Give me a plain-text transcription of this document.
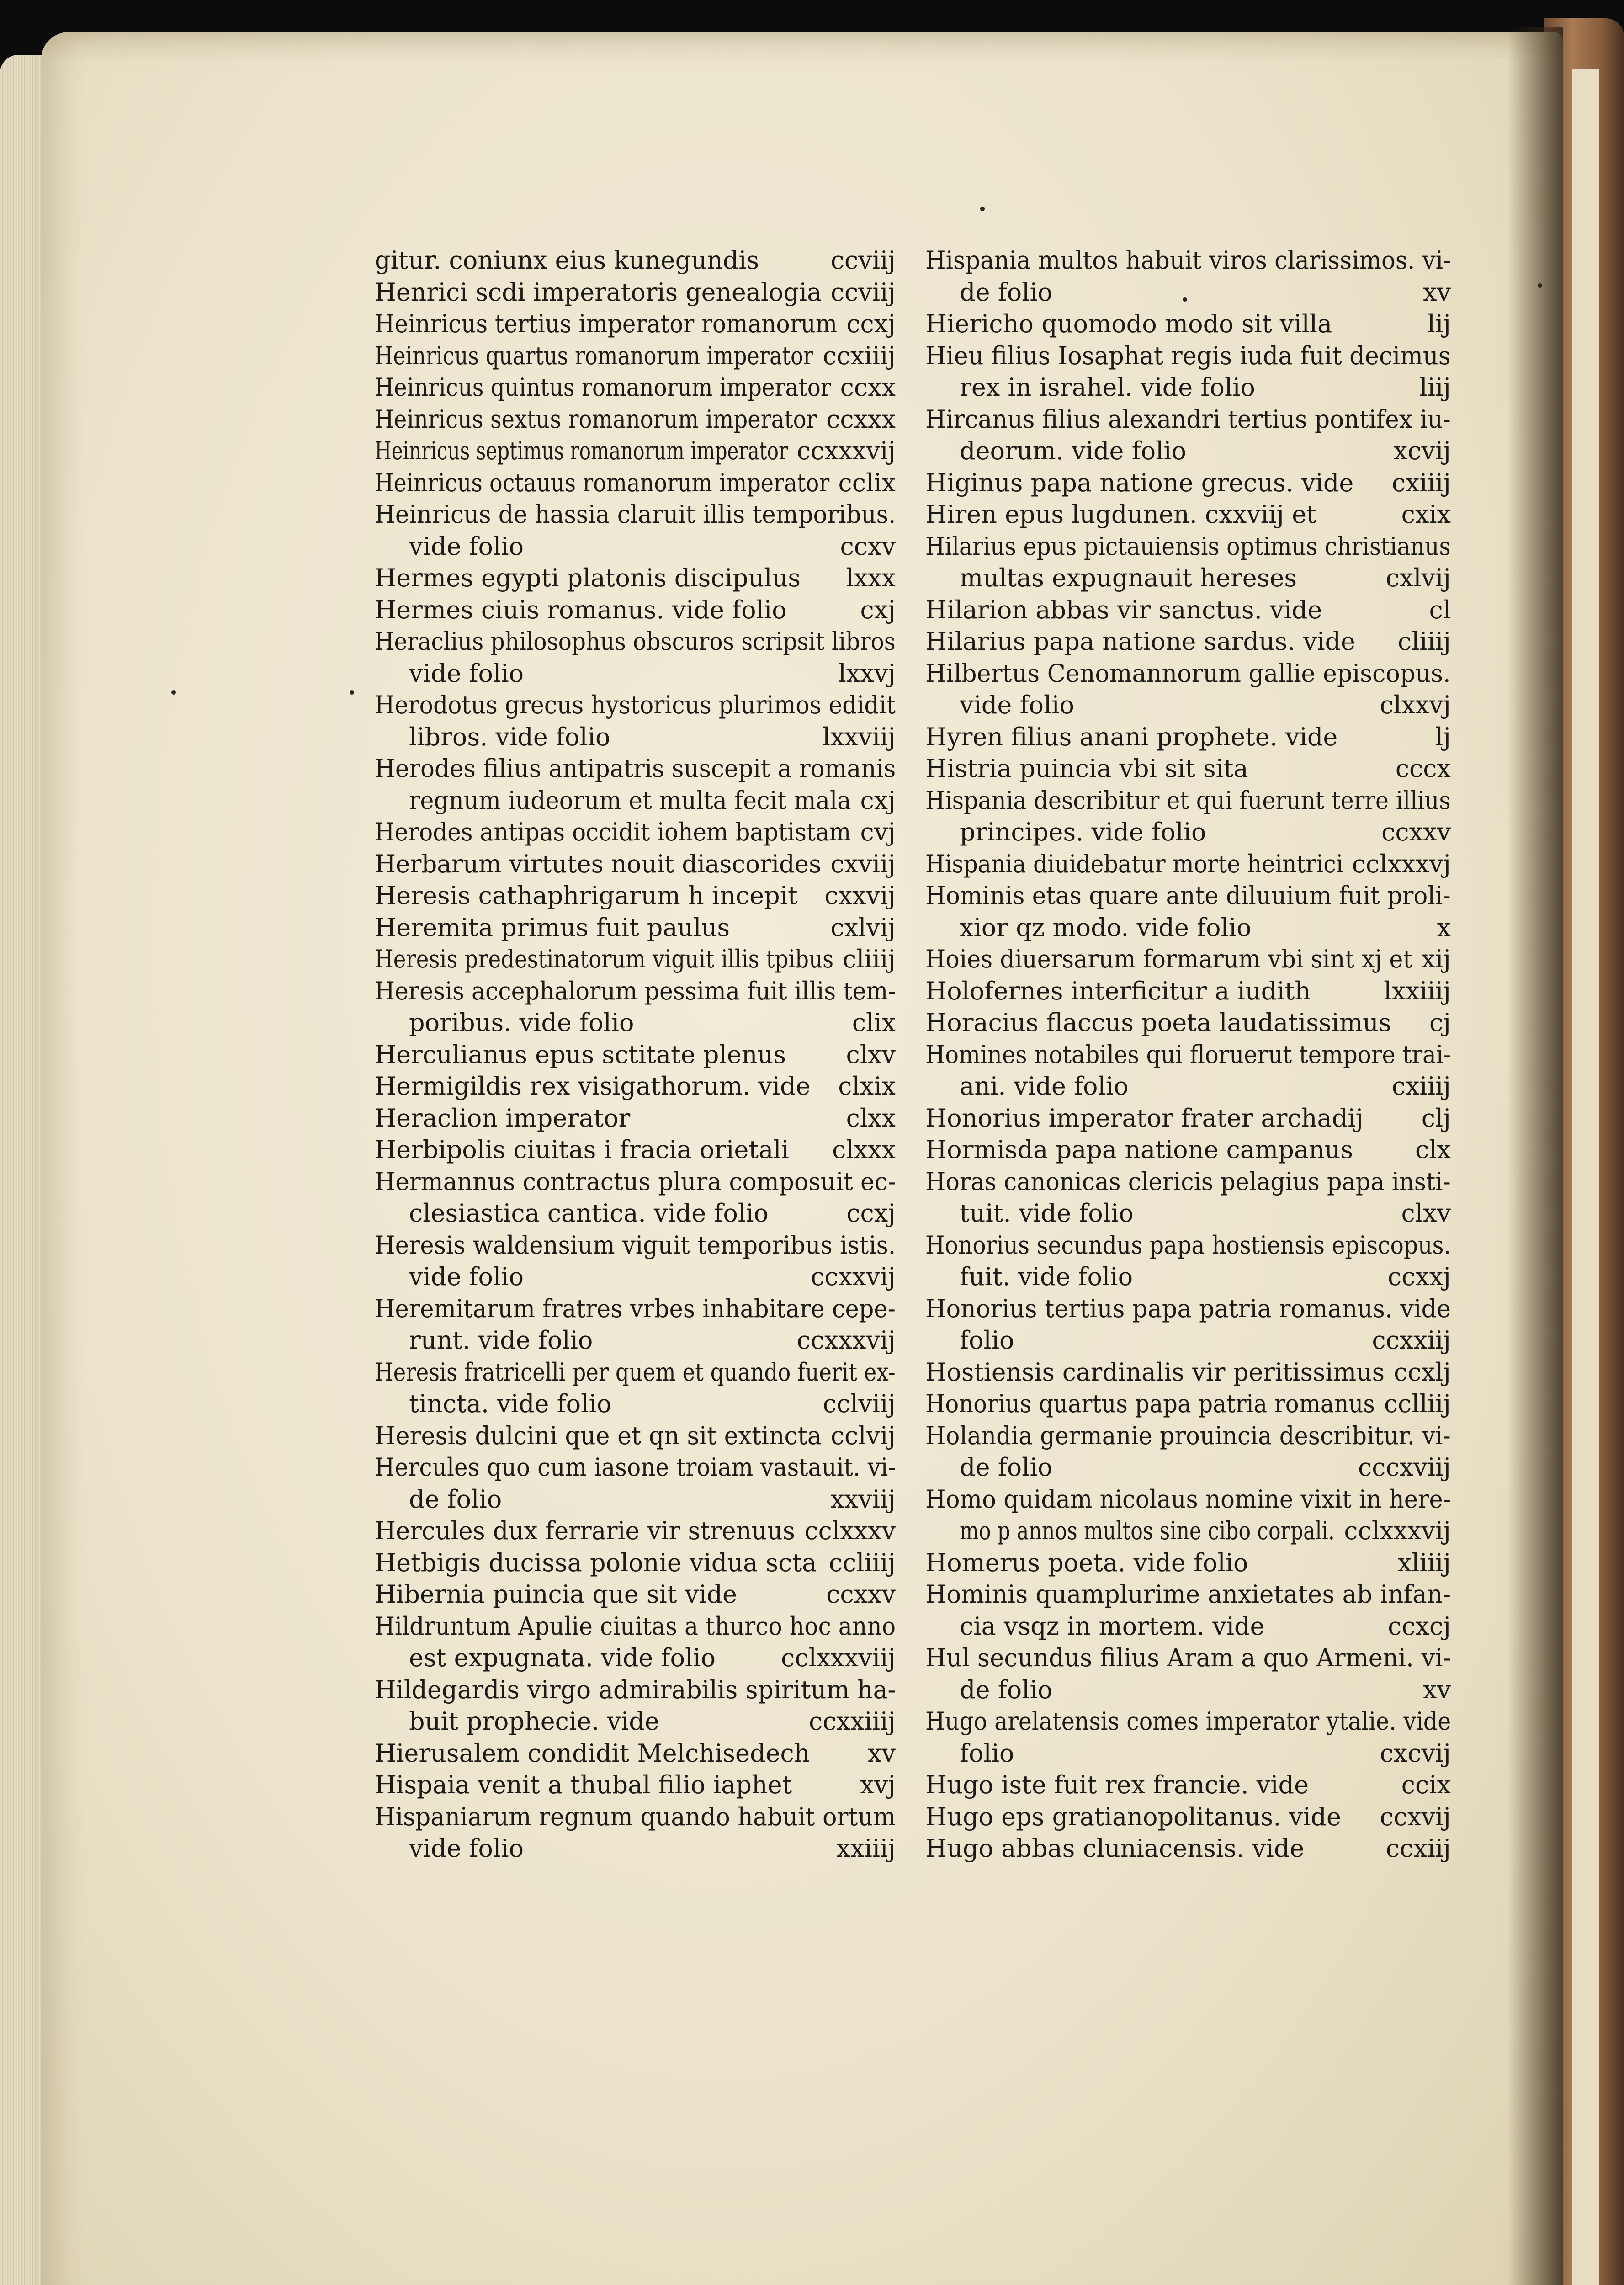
gitur. coniunx eius kunegundis	ccviij
Henrici scdi imperatoris genealogia ccviij
Heinricus tertius imperator romanorum ccxj
Heinricus quartus romanorum imperator ccxiiij
Heinricus quintus romanorum imperator ccxx
Heinricus sextus romanorum imperator ccxxx
Heinricus septimus romanorum imperator ccxxxvij
Heinricus octauus romanorum imperator cclix
Heinricus de hassia claruit illis temporibus.
vide folio	ccxv
Hermes egypti platonis discipulus lxxx
Hermes ciuis romanus. vide folio	cxj
Heraclius philosophus obscuros scripsit libros
vide folio	lxxvj
Herodotus grecus hystoricus plurimos edidit
libros. vide folio	lxxviij
Herodes filius antipatris suscepit a romanis
regnum iudeorum et multa fecit mala cxj
Herodes antipas occidit iohem baptistam cvj
Herbarum virtutes nouit diascorides cxviij
Heresis cathaphrigarum h incepit cxxvij
Heremita primus fuit paulus	cxlvij
Heresis predestinatorum viguit illis tpibus cliiij
Heresis accephalorum pessima fuit illis tem-
poribus. vide folio	clix
Herculianus epus sctitate plenus clxv
Hermigildis rex visigathorum. vide clxix
Heraclion imperator	clxx
Herbipolis ciuitas i fracia orietali clxxx
Hermannus contractus plura composuit ec-
clesiastica cantica. vide folio	ccxj
Heresis waldensium viguit temporibus istis.
vide folio	ccxxvij
Heremitarum fratres vrbes inhabitare cepe-
runt. vide folio	ccxxxvij
Heresis fratricelli per quem et quando fuerit ex-
tincta. vide folio	cclviij
Heresis dulcini que et qn sit extincta cclvij
Hercules quo cum iasone troiam vastauit. vi-
de folio	xxviij
Hercules dux ferrarie vir strenuus cclxxxv
Hetbigis ducissa polonie vidua scta ccliiij
Hibernia puincia que sit vide	ccxxv
Hildruntum Apulie ciuitas a thurco hoc anno
est expugnata. vide folio	cclxxxviij
Hildegardis virgo admirabilis spiritum ha-
buit prophecie. vide	ccxxiiij
Hierusalem condidit Melchisedech xv
Hispaia venit a thubal filio iaphet	xvj
Hispaniarum regnum quando habuit ortum
vide folio	xxiiij
Hispania multos habuit viros clarissimos. vi-
de folio	xv
Hiericho quomodo modo sit villa	lij
Hieu filius Iosaphat regis iuda fuit decimus
rex in israhel. vide folio	liij
Hircanus filius alexandri tertius pontifex iu-
deorum. vide folio	xcvij
Higinus papa natione grecus. vide cxiiij
Hiren epus lugdunen. cxxviij et	cxix
Hilarius epus pictauiensis optimus christianus
multas expugnauit hereses	cxlvij
Hilarion abbas vir sanctus. vide	cl
Hilarius papa natione sardus. vide cliiij
Hilbertus Cenomannorum gallie episcopus.
vide folio	clxxvj
Hyren filius anani prophete. vide	lj
Histria puincia vbi sit sita	cccx
Hispania describitur et qui fuerunt terre illius
principes. vide folio	ccxxv
Hispania diuidebatur morte heintrici cclxxxvj
Hominis etas quare ante diluuium fuit proli-
xior qz modo. vide folio	x
Hoies diuersarum formarum vbi sint xj et xij
Holofernes interficitur a iudith	lxxiiij
Horacius flaccus poeta laudatissimus cj
Homines notabiles qui floruerut tempore trai-
ani. vide folio	cxiiij
Honorius imperator frater archadij clj
Hormisda papa natione campanus	clx
Horas canonicas clericis pelagius papa insti-
tuit. vide folio	clxv
Honorius secundus papa hostiensis episcopus.
fuit. vide folio	ccxxj
Honorius tertius papa patria romanus. vide
folio	ccxxiij
Hostiensis cardinalis vir peritissimus ccxlj
Honorius quartus papa patria romanus cclliij
Holandia germanie prouincia describitur. vi-
de folio	cccxviij
Homo quidam nicolaus nomine vixit in here-
mo p annos multos sine cibo corpali. cclxxxvij
Homerus poeta. vide folio	xliiij
Hominis quamplurime anxietates ab infan-
cia vsqz in mortem. vide	ccxcj
Hul secundus filius Aram a quo Armeni. vi-
de folio	xv
Hugo arelatensis comes imperator ytalie. vide
folio	cxcvij
Hugo iste fuit rex francie. vide	ccix
Hugo eps gratianopolitanus. vide ccxvij
Hugo abbas cluniacensis. vide	ccxiij
